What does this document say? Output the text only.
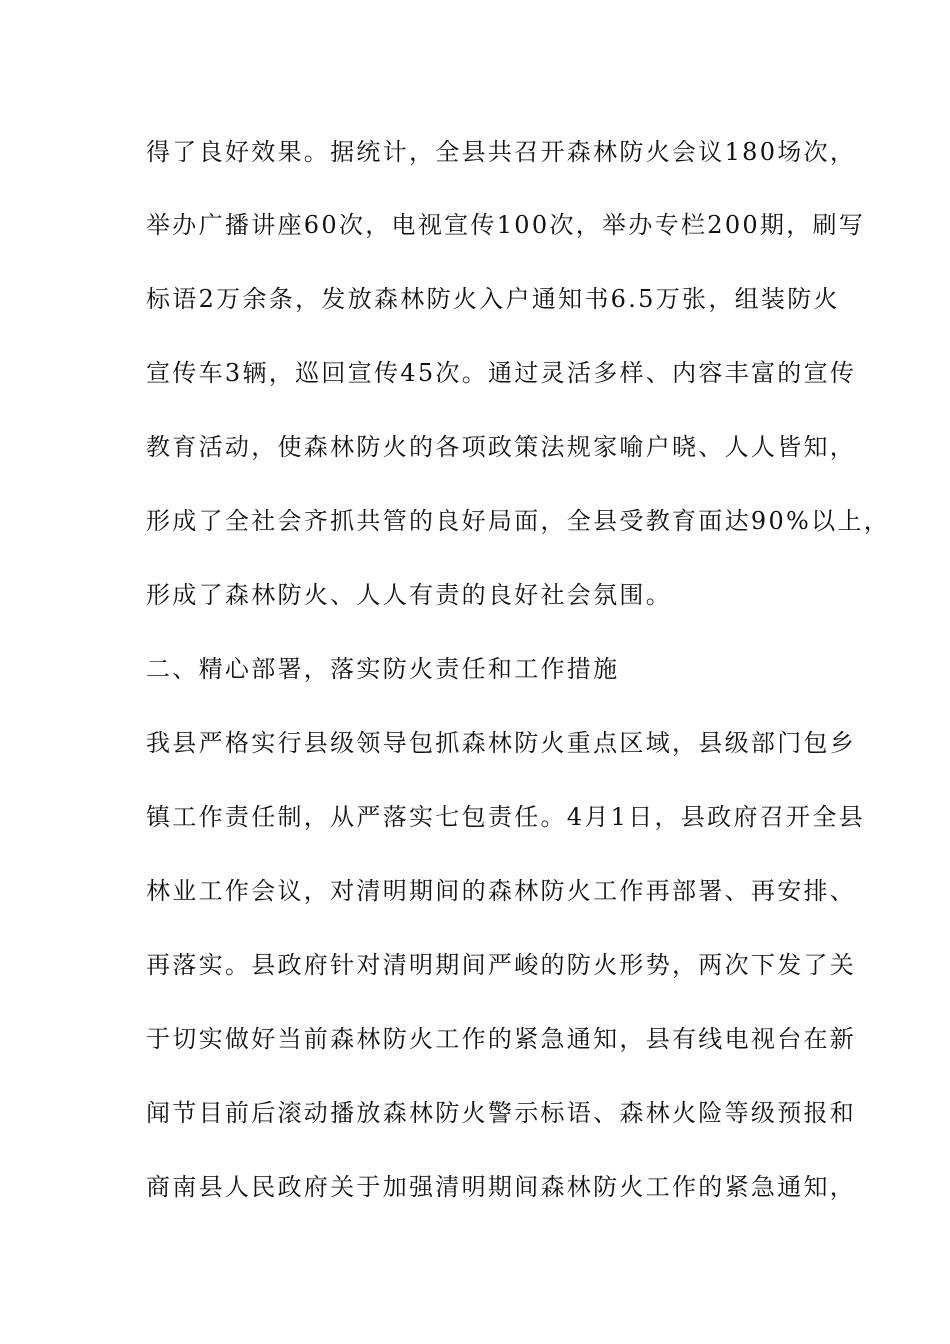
得了良好效果。据统计，全县共召开森林防火会议180场次，
举办广播讲座60次，电视宣传100次，举办专栏200期，刷写
标语2万余条，发放森林防火入户通知书6.5万张，组装防火
宣传车3辆，巡回宣传45次。通过灵活多样、内容丰富的宣传
教育活动，使森林防火的各项政策法规家喻户晓、人人皆知，
形成了全社会齐抓共管的良好局面，全县受教育面达90%以上，
形成了森林防火、人人有责的良好社会氛围。
二、精心部署，落实防火责任和工作措施
我县严格实行县级领导包抓森林防火重点区域，县级部门包乡
镇工作责任制，从严落实七包责任。4月1日，县政府召开全县
林业工作会议，对清明期间的森林防火工作再部署、再安排、
再落实。县政府针对清明期间严峻的防火形势，两次下发了关
于切实做好当前森林防火工作的紧急通知，县有线电视台在新
闻节目前后滚动播放森林防火警示标语、森林火险等级预报和
商南县人民政府关于加强清明期间森林防火工作的紧急通知，
